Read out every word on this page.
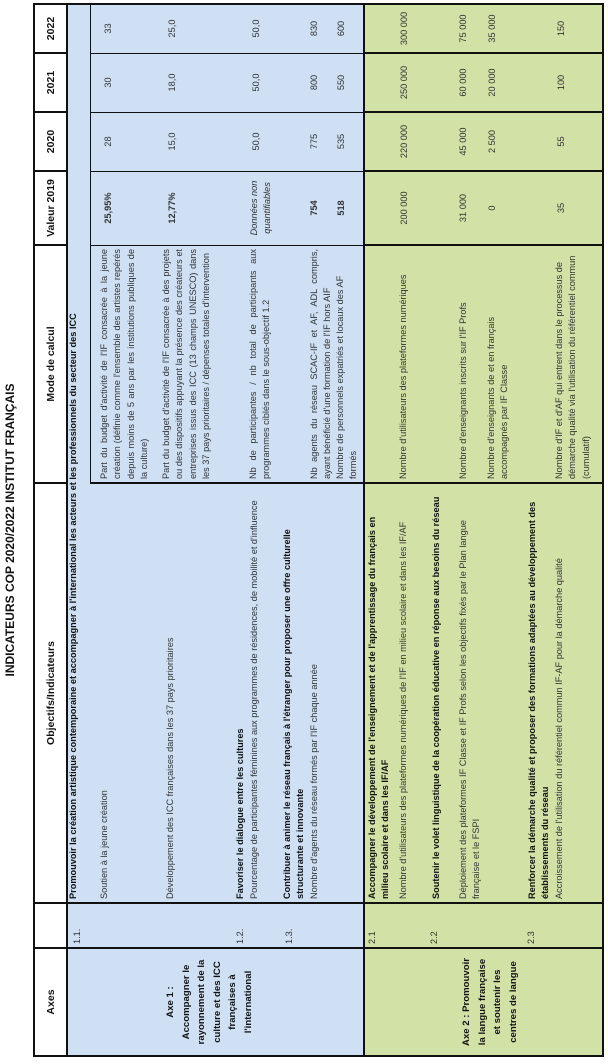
INDICATEURS COP 2020/2022 INSTITUT FRANÇAIS
Axes
Objectifs/Indicateurs
Mode de calcul
Valeur 2019
2020
2021
2022
Axe 1 :
Accompagner le
rayonnement de la
culture et des ICC
françaises à
l'international
1.1.
Promouvoir la création artistique contemporaine et accompagner à l'international les acteurs et les professionnels du secteur des ICC Soutien à la jeune création
Part du budget d'activité de l'IF consacrée à la jeune création (définie comme l'ensemble des artistes repérés depuis moins de 5 ans par les institutions publiques de la culture)
25,95%
28
30
33
Développement des ICC françaises dans les 37 pays prioritaires
Part du budget d'activité de l'IF consacrée à des projets ou des dispositifs appuyant la présence des créateurs et entreprises issus des ICC (13 champs UNESCO) dans les 37 pays prioritaires / dépenses totales d'intervention
12,77%
15,0
18,0
25,0
1.2.
Favoriser le dialogue entre les cultures Pourcentage de participantes féminines aux programmes de résidences, de mobilité et d'influence
Nb de participantes / nb total de participants aux programmes ciblés dans le sous-objectif 1.2
Données non quantifiables
50,0
50,0
50,0
1.3.
Contribuer à animer le réseau français à l'étranger pour proposer une offre culturelle structurante et innovante Nombre d'agents du réseau formés par l'IF chaque année
Nb agents du réseau SCAC-IF et AF, ADL compris, ayant bénéficié d'une formation de l'IF hors AIF
754
775
800
830
Nombre de personnels expatriés et locaux des AF formés
518
535
550
600
Axe 2 : Promouvoir
la langue française
et soutenir les
centres de langue
2.1
Accompagner le développement de l'enseignement et de l'apprentissage du français en milieu scolaire et dans les IF/AF Nombre d'utilisateurs des plateformes numériques de l'IF en milieu scolaire et dans les IF/AF
Nombre d'utilisateurs des plateformes numériques
200 000
220 000
250 000
300 000
2.2
Soutenir le volet linguistique de la coopération éducative en réponse aux besoins du réseau Déploiement des plateformes IF Classe et IF Profs selon les objectifs fixés par le Plan langue française et le FSPI
Nombre d'enseignants inscrits sur l'IF Profs
31 000
45 000
60 000
75 000
Nombre d'enseignants de et en français accompagnés par IF Classe
0
2 500
20 000
35 000
2.3
Renforcer la démarche qualité et proposer des formations adaptées au développement des établissements du réseau Accroissement de l'utilisation du référentiel commun IF-AF pour la démarche qualité
Nombre d'IF et d'AF qui entrent dans le processus de démarche qualité via l'utilisation du référentiel commun (cumulatif)
35
55
100
150
